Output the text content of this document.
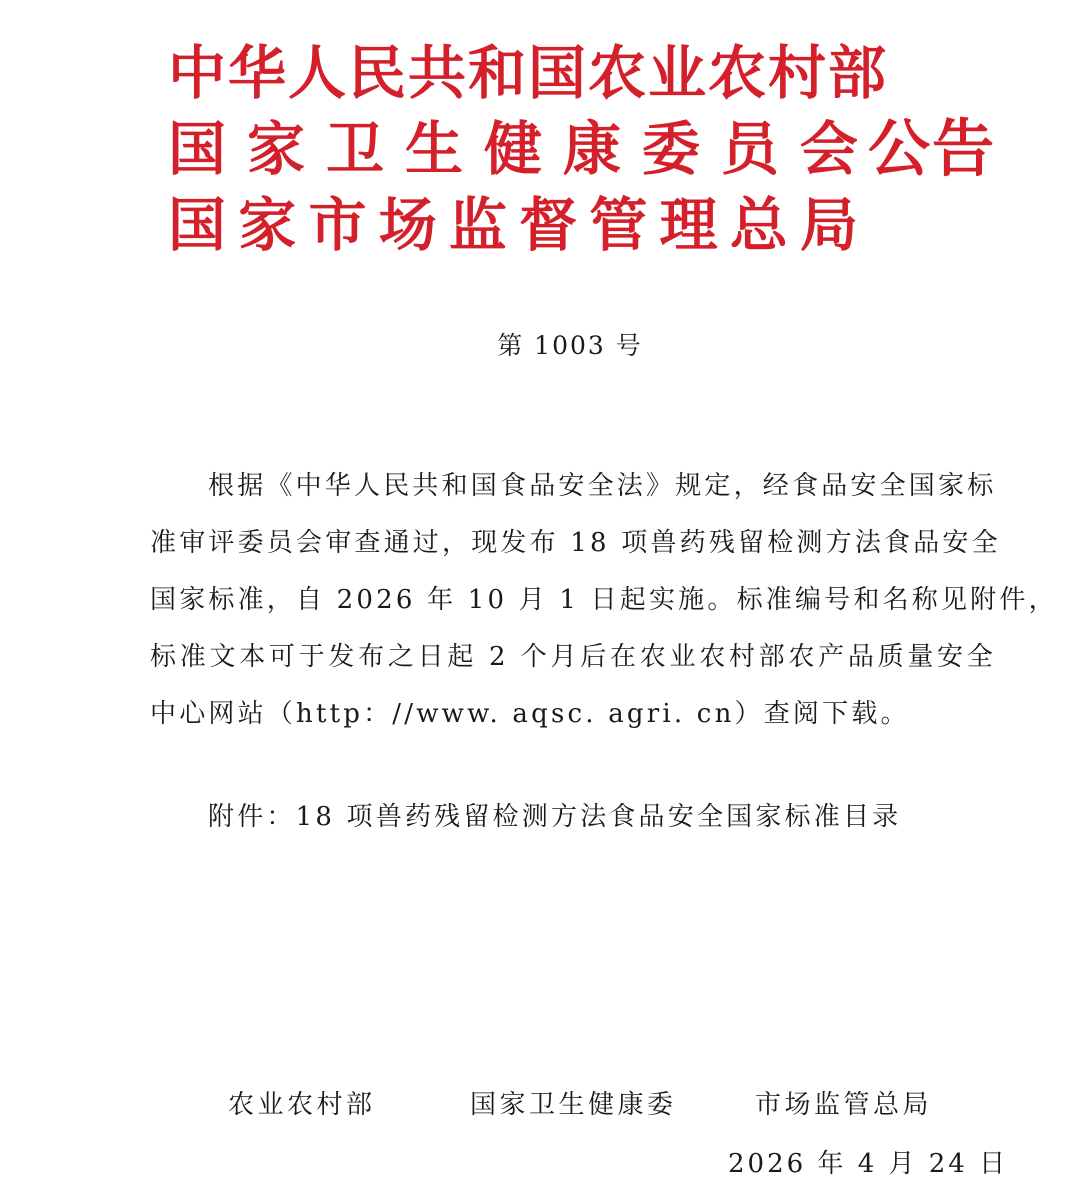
中华人民共和国农业农村部
国 家 卫 生 健 康 委 员 会 公告
国 家 市 场 监 督 管 理 总 局
第 1003 号
根据《中华人民共和国食品安全法》规定，经食品安全国家标
准审评委员会审查通过，现发布 18 项兽药残留检测方法食品安全
国家标准，自 2026 年 10 月 1 日起实施。标准编号和名称见附件，
标准文本可于发布之日起 2 个月后在农业农村部农产品质量安全
中心网站（http：//www. aqsc. agri. cn）查阅下载。
附件：18 项兽药残留检测方法食品安全国家标准目录
农业农村部	国家卫生健康委	市场监管总局
2026 年 4 月 24 日
